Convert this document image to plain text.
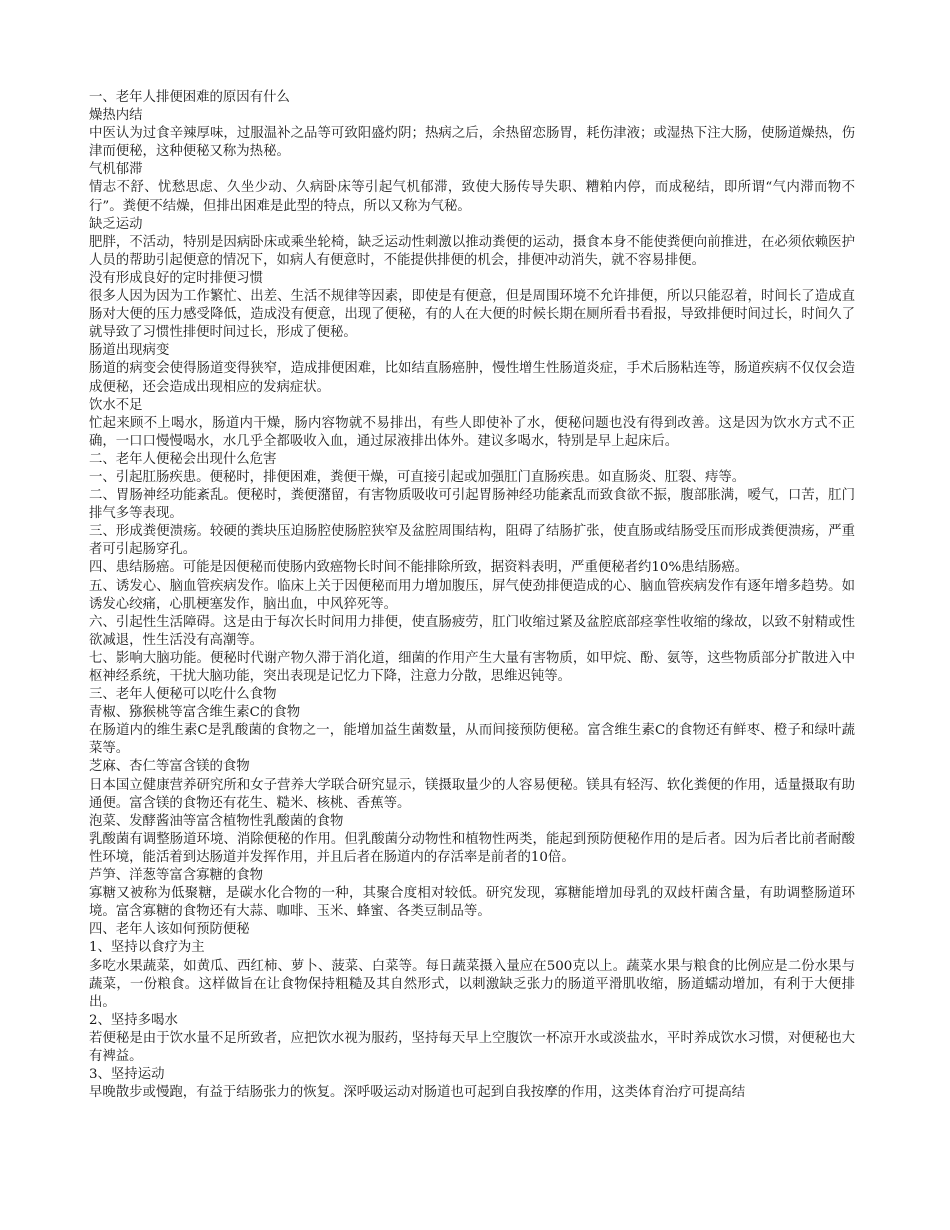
一、老年人排便困难的原因有什么

燥热内结

中医认为过食辛辣厚味，过服温补之品等可致阳盛灼阴；热病之后，余热留恋肠胃，耗伤津液；或湿热下注大肠，使肠道燥热，伤津而便秘，这种便秘又称为热秘。

气机郁滞

情志不舒、忧愁思虑、久坐少动、久病卧床等引起气机郁滞，致使大肠传导失职、糟粕内停，而成秘结，即所谓“气内滞而物不行”。粪便不结燥，但排出困难是此型的特点，所以又称为气秘。

缺乏运动

肥胖，不活动，特别是因病卧床或乘坐轮椅，缺乏运动性刺激以推动粪便的运动，摄食本身不能使粪便向前推进，在必须依赖医护人员的帮助引起便意的情况下，如病人有便意时，不能提供排便的机会，排便冲动消失，就不容易排便。

没有形成良好的定时排便习惯

很多人因为因为工作繁忙、出差、生活不规律等因素，即使是有便意，但是周围环境不允许排便，所以只能忍着，时间长了造成直肠对大便的压力感受降低，造成没有便意，出现了便秘，有的人在大便的时候长期在厕所看书看报，导致排便时间过长，时间久了就导致了习惯性排便时间过长，形成了便秘。

肠道出现病变

肠道的病变会使得肠道变得狭窄，造成排便困难，比如结直肠癌肿，慢性增生性肠道炎症，手术后肠粘连等，肠道疾病不仅仅会造成便秘，还会造成出现相应的发病症状。

饮水不足

忙起来顾不上喝水，肠道内干燥，肠内容物就不易排出，有些人即使补了水，便秘问题也没有得到改善。这是因为饮水方式不正确，一口口慢慢喝水，水几乎全都吸收入血，通过尿液排出体外。建议多喝水，特别是早上起床后。

二、老年人便秘会出现什么危害

一、引起肛肠疾患。便秘时，排便困难，粪便干燥，可直接引起或加强肛门直肠疾患。如直肠炎、肛裂、痔等。

二、胃肠神经功能紊乱。便秘时，粪便潴留，有害物质吸收可引起胃肠神经功能紊乱而致食欲不振，腹部胀满，嗳气，口苦，肛门排气多等表现。

三、形成粪便溃疡。较硬的粪块压迫肠腔使肠腔狭窄及盆腔周围结构，阻碍了结肠扩张，使直肠或结肠受压而形成粪便溃疡，严重者可引起肠穿孔。

四、患结肠癌。可能是因便秘而使肠内致癌物长时间不能排除所致，据资料表明，严重便秘者约10%患结肠癌。

五、诱发心、脑血管疾病发作。临床上关于因便秘而用力增加腹压，屏气使劲排便造成的心、脑血管疾病发作有逐年增多趋势。如诱发心绞痛，心肌梗塞发作，脑出血，中风猝死等。

六、引起性生活障碍。这是由于每次长时间用力排便，使直肠疲劳，肛门收缩过紧及盆腔底部痉挛性收缩的缘故，以致不射精或性欲减退，性生活没有高潮等。

七、影响大脑功能。便秘时代谢产物久滞于消化道，细菌的作用产生大量有害物质，如甲烷、酚、氨等，这些物质部分扩散进入中枢神经系统，干扰大脑功能，突出表现是记忆力下降，注意力分散，思维迟钝等。

三、老年人便秘可以吃什么食物

青椒、猕猴桃等富含维生素C的食物

在肠道内的维生素C是乳酸菌的食物之一，能增加益生菌数量，从而间接预防便秘。富含维生素C的食物还有鲜枣、橙子和绿叶蔬菜等。

芝麻、杏仁等富含镁的食物

日本国立健康营养研究所和女子营养大学联合研究显示，镁摄取量少的人容易便秘。镁具有轻泻、软化粪便的作用，适量摄取有助通便。富含镁的食物还有花生、糙米、核桃、香蕉等。

泡菜、发酵酱油等富含植物性乳酸菌的食物

乳酸菌有调整肠道环境、消除便秘的作用。但乳酸菌分动物性和植物性两类，能起到预防便秘作用的是后者。因为后者比前者耐酸性环境，能活着到达肠道并发挥作用，并且后者在肠道内的存活率是前者的10倍。

芦笋、洋葱等富含寡糖的食物

寡糖又被称为低聚糖，是碳水化合物的一种，其聚合度相对较低。研究发现，寡糖能增加母乳的双歧杆菌含量，有助调整肠道环境。富含寡糖的食物还有大蒜、咖啡、玉米、蜂蜜、各类豆制品等。

四、老年人该如何预防便秘

1、坚持以食疗为主

多吃水果蔬菜，如黄瓜、西红柿、萝卜、菠菜、白菜等。每日蔬菜摄入量应在500克以上。蔬菜水果与粮食的比例应是二份水果与蔬菜，一份粮食。这样做旨在让食物保持粗糙及其自然形式，以刺激缺乏张力的肠道平滑肌收缩，肠道蠕动增加，有利于大便排出。

2、坚持多喝水

若便秘是由于饮水量不足所致者，应把饮水视为服药，坚持每天早上空腹饮一杯凉开水或淡盐水，平时养成饮水习惯，对便秘也大有裨益。

3、坚持运动

早晚散步或慢跑，有益于结肠张力的恢复。深呼吸运动对肠道也可起到自我按摩的作用，这类体育治疗可提高结
